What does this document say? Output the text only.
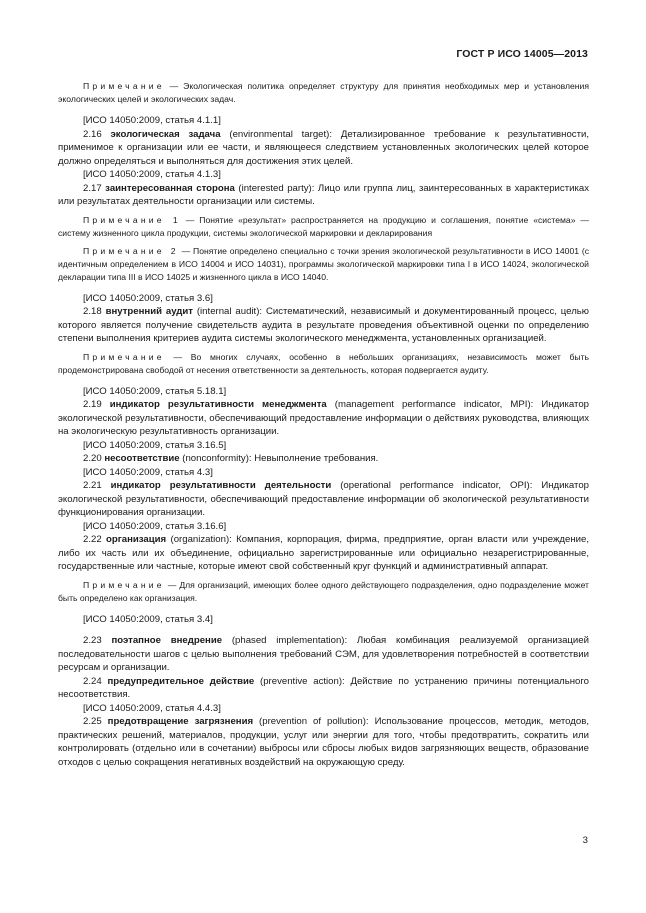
ГОСТ Р ИСО 14005—2013

Примечание — Экологическая политика определяет структуру для принятия необходимых мер и установления экологических целей и экологических задач.

[ИСО 14050:2009, статья 4.1.1]

2.16 экологическая задача (environmental target): Детализированное требование к результативности, применимое к организации или ее части, и являющееся следствием установленных экологических целей которое должно определяться и выполняться для достижения этих целей.

[ИСО 14050:2009, статья 4.1.3]

2.17 заинтересованная сторона (interested party): Лицо или группа лиц, заинтересованных в характеристиках или результатах деятельности организации или системы.

Примечание 1 — Понятие «результат» распространяется на продукцию и соглашения, понятие «система» — систему жизненного цикла продукции, системы экологической маркировки и декларирования

Примечание 2 — Понятие определено специально с точки зрения экологической результативности в ИСО 14001 (с идентичным определением в ИСО 14004 и ИСО 14031), программы экологической маркировки типа I в ИСО 14024, экологической декларации типа III в ИСО 14025 и жизненного цикла в ИСО 14040.

[ИСО 14050:2009, статья 3.6]

2.18 внутренний аудит (internal audit): Систематический, независимый и документированный процесс, целью которого является получение свидетельств аудита в результате проведения объективной оценки по определению степени выполнения критериев аудита системы экологического менеджмента, установленных организацией.

Примечание — Во многих случаях, особенно в небольших организациях, независимость может быть продемонстрирована свободой от несения ответственности за деятельность, которая подвергается аудиту.

[ИСО 14050:2009, статья 5.18.1]

2.19 индикатор результативности менеджмента (management performance indicator, MPI): Индикатор экологической результативности, обеспечивающий предоставление информации о действиях руководства, влияющих на экологическую результативность организации.

[ИСО 14050:2009, статья 3.16.5]

2.20 несоответствие (nonconformity): Невыполнение требования.

[ИСО 14050:2009, статья 4.3]

2.21 индикатор результативности деятельности (operational performance indicator, OPI): Индикатор экологической результативности, обеспечивающий предоставление информации об экологической результативности функционирования организации.

[ИСО 14050:2009, статья 3.16.6]

2.22 организация (organization): Компания, корпорация, фирма, предприятие, орган власти или учреждение, либо их часть или их объединение, официально зарегистрированные или официально незарегистрированные, государственные или частные, которые имеют свой собственный круг функций и административный аппарат.

Примечание — Для организаций, имеющих более одного действующего подразделения, одно подразделение может быть определено как организация.

[ИСО 14050:2009, статья 3.4]

2.23 поэтапное внедрение (phased implementation): Любая комбинация реализуемой организацией последовательности шагов с целью выполнения требований СЭМ, для удовлетворения потребностей в соответствии ресурсам и организации.

2.24 предупредительное действие (preventive action): Действие по устранению причины потенциального несоответствия.

[ИСО 14050:2009, статья 4.4.3]

2.25 предотвращение загрязнения (prevention of pollution): Использование процессов, методик, методов, практических решений, материалов, продукции, услуг или энергии для того, чтобы предотвратить, сократить или контролировать (отдельно или в сочетании) выбросы или сбросы любых видов загрязняющих веществ, образование отходов с целью сокращения негативных воздействий на окружающую среду.

3
